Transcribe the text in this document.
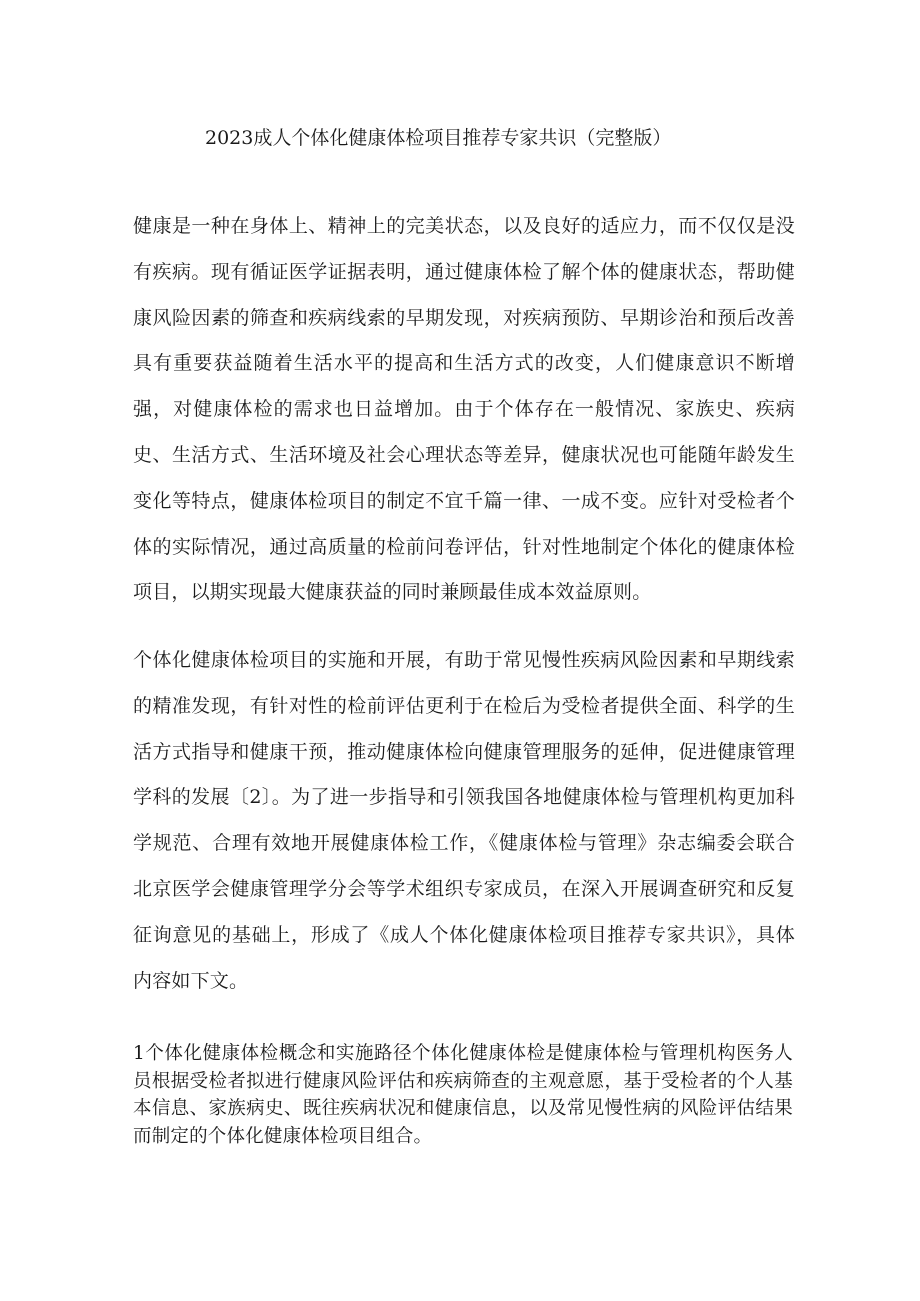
2023成人个体化健康体检项目推荐专家共识（完整版）

健康是一种在身体上、精神上的完美状态，以及良好的适应力，而不仅仅是没有疾病。现有循证医学证据表明，通过健康体检了解个体的健康状态，帮助健康风险因素的筛查和疾病线索的早期发现，对疾病预防、早期诊治和预后改善具有重要获益随着生活水平的提高和生活方式的改变，人们健康意识不断增强，对健康体检的需求也日益增加。由于个体存在一般情况、家族史、疾病史、生活方式、生活环境及社会心理状态等差异，健康状况也可能随年龄发生变化等特点，健康体检项目的制定不宜千篇一律、一成不变。应针对受检者个体的实际情况，通过高质量的检前问卷评估，针对性地制定个体化的健康体检项目，以期实现最大健康获益的同时兼顾最佳成本效益原则。

个体化健康体检项目的实施和开展，有助于常见慢性疾病风险因素和早期线索的精准发现，有针对性的检前评估更利于在检后为受检者提供全面、科学的生活方式指导和健康干预，推动健康体检向健康管理服务的延伸，促进健康管理学科的发展〔2〕。为了进一步指导和引领我国各地健康体检与管理机构更加科学规范、合理有效地开展健康体检工作，《健康体检与管理》杂志编委会联合北京医学会健康管理学分会等学术组织专家成员，在深入开展调查研究和反复征询意见的基础上，形成了《成人个体化健康体检项目推荐专家共识》，具体内容如下文。

1个体化健康体检概念和实施路径个体化健康体检是健康体检与管理机构医务人员根据受检者拟进行健康风险评估和疾病筛查的主观意愿，基于受检者的个人基本信息、家族病史、既往疾病状况和健康信息，以及常见慢性病的风险评估结果而制定的个体化健康体检项目组合。
